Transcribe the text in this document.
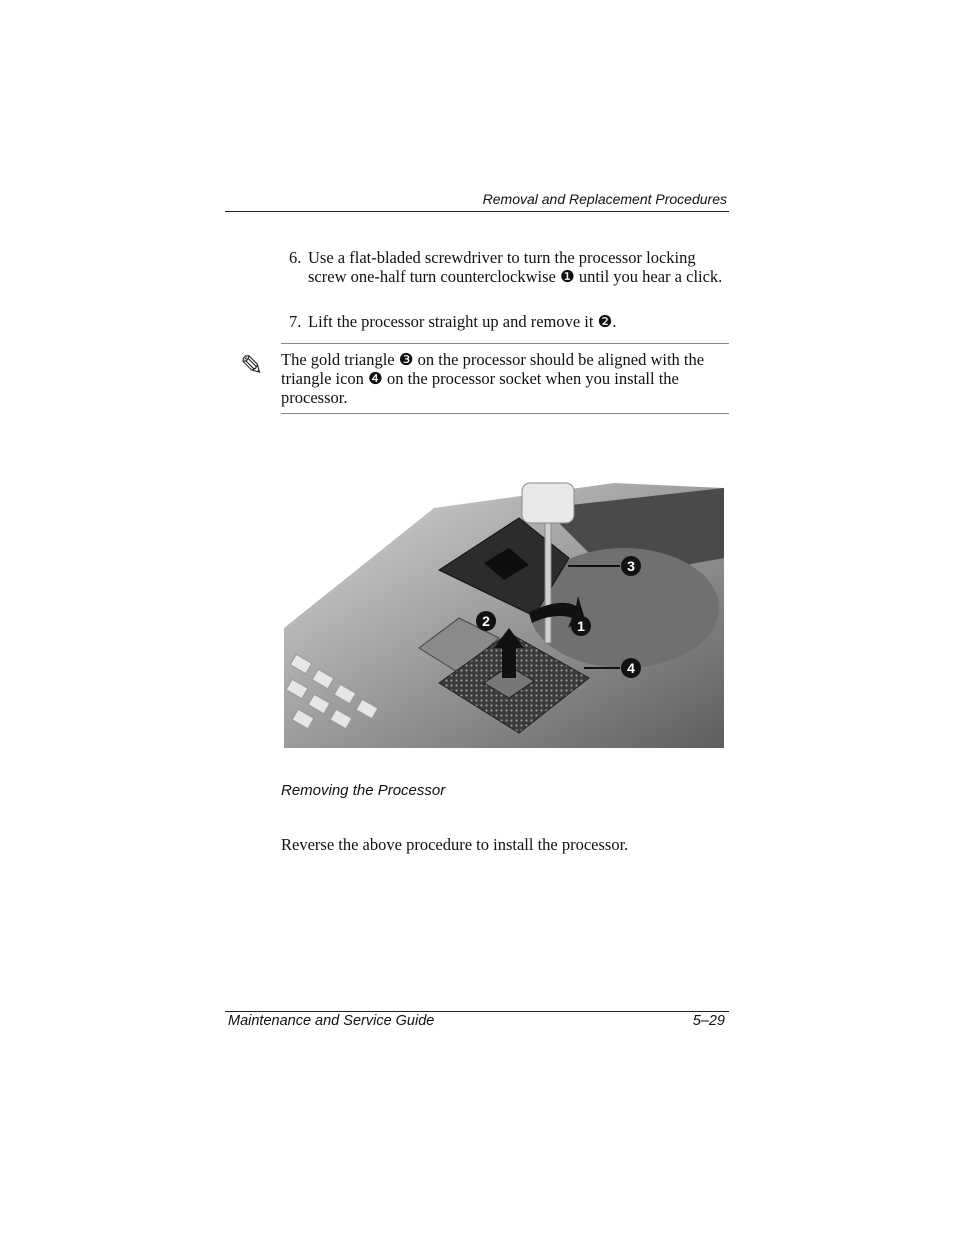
Removal and Replacement Procedures
6. Use a flat-bladed screwdriver to turn the processor locking screw one-half turn counterclockwise ❶ until you hear a click.
7. Lift the processor straight up and remove it ❷.
✎ The gold triangle ❸ on the processor should be aligned with the triangle icon ❹ on the processor socket when you install the processor.
3
1
2
4
Removing the Processor
Reverse the above procedure to install the processor.
Maintenance and Service Guide	5–29
